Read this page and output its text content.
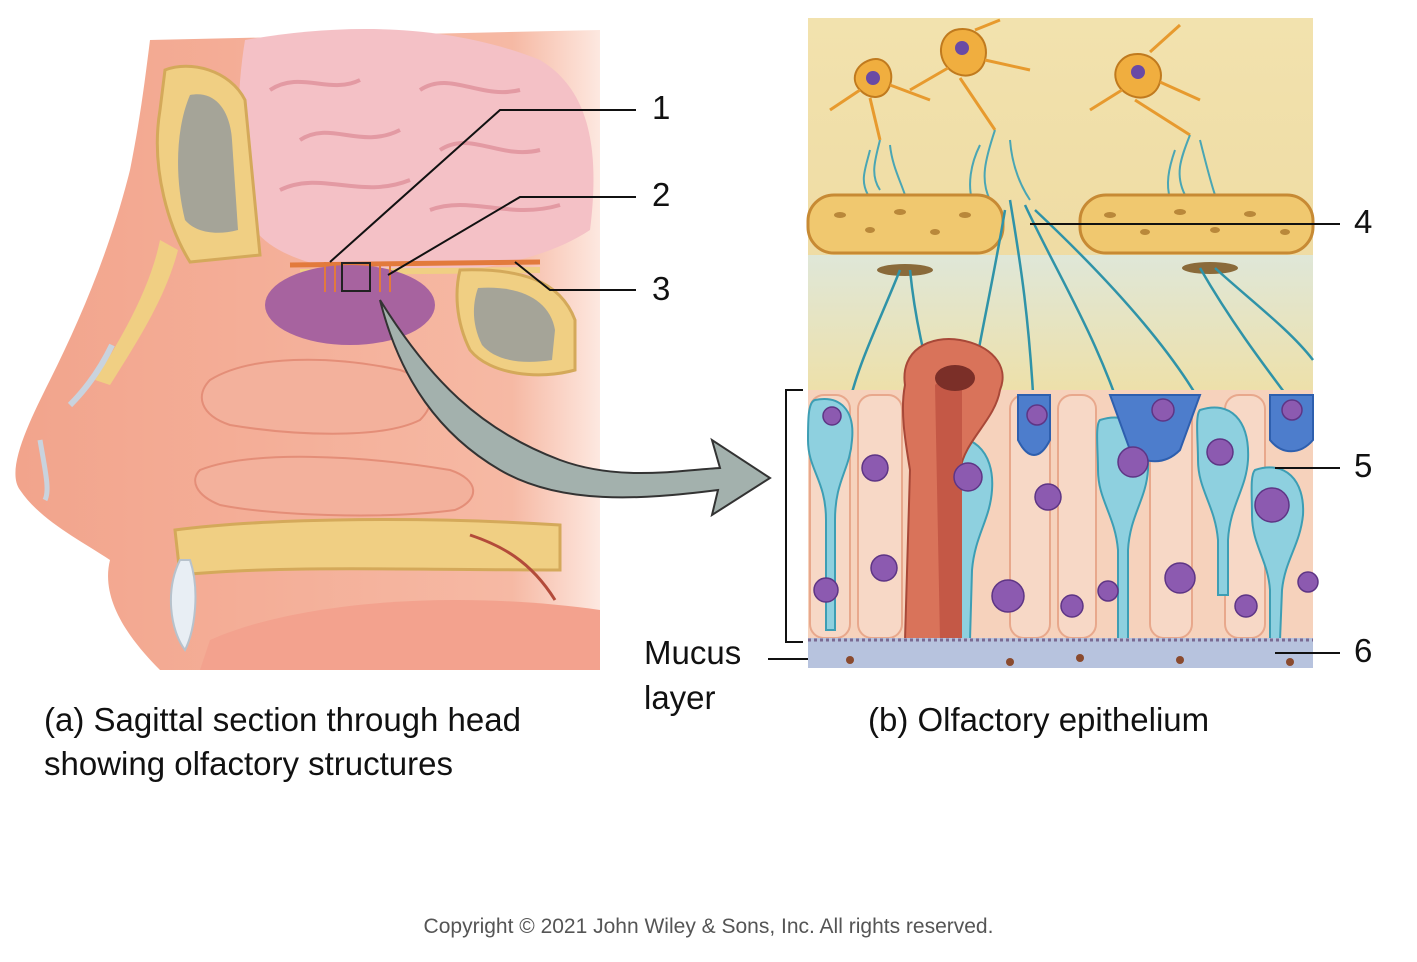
1
2
3
4
5
6
Mucus
layer
(a) Sagittal section through head
showing olfactory structures
(b) Olfactory epithelium
Copyright © 2021 John Wiley & Sons, Inc. All rights reserved.
